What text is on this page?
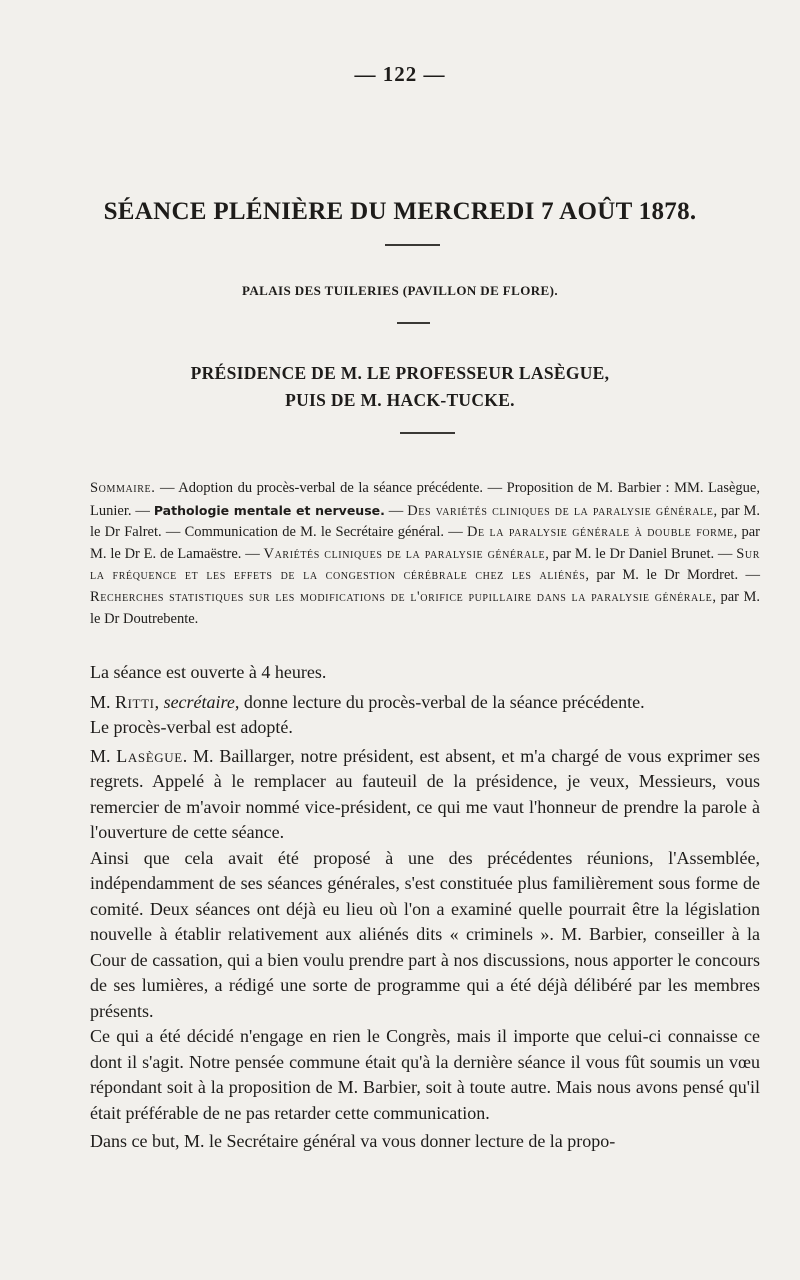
— 122 —
SÉANCE PLÉNIÈRE DU MERCREDI 7 AOÛT 1878.
PALAIS DES TUILERIES (PAVILLON DE FLORE).
PRÉSIDENCE DE M. LE PROFESSEUR LASÈGUE,
PUIS DE M. HACK-TUCKE.
Sommaire. — Adoption du procès-verbal de la séance précédente. — Proposition de M. Barbier : MM. Lasègue, Lunier. — Pathologie mentale et nerveuse. — Des variétés cliniques de la paralysie générale, par M. le Dr Falret. — Communication de M. le Secrétaire général. — De la paralysie générale à double forme, par M. le Dr E. de Lamaëstre. — Variétés cliniques de la paralysie générale, par M. le Dr Daniel Brunet. — Sur la fréquence et les effets de la congestion cérébrale chez les aliénés, par M. le Dr Mordret. — Recherches statistiques sur les modifications de l'orifice pupillaire dans la paralysie générale, par M. le Dr Doutrebente.

La séance est ouverte à 4 heures.

M. Ritti, secrétaire, donne lecture du procès-verbal de la séance précédente.

Le procès-verbal est adopté.

M. Lasègue. M. Baillarger, notre président, est absent, et m'a chargé de vous exprimer ses regrets. Appelé à le remplacer au fauteuil de la présidence, je veux, Messieurs, vous remercier de m'avoir nommé vice-président, ce qui me vaut l'honneur de prendre la parole à l'ouverture de cette séance.

Ainsi que cela avait été proposé à une des précédentes réunions, l'Assemblée, indépendamment de ses séances générales, s'est constituée plus familièrement sous forme de comité. Deux séances ont déjà eu lieu où l'on a examiné quelle pourrait être la législation nouvelle à établir relativement aux aliénés dits « criminels ». M. Barbier, conseiller à la Cour de cassation, qui a bien voulu prendre part à nos discussions, nous apporter le concours de ses lumières, a rédigé une sorte de programme qui a été déjà délibéré par les membres présents.

Ce qui a été décidé n'engage en rien le Congrès, mais il importe que celui-ci connaisse ce dont il s'agit. Notre pensée commune était qu'à la dernière séance il vous fût soumis un vœu répondant soit à la proposition de M. Barbier, soit à toute autre. Mais nous avons pensé qu'il était préférable de ne pas retarder cette communication.

Dans ce but, M. le Secrétaire général va vous donner lecture de la propo-
